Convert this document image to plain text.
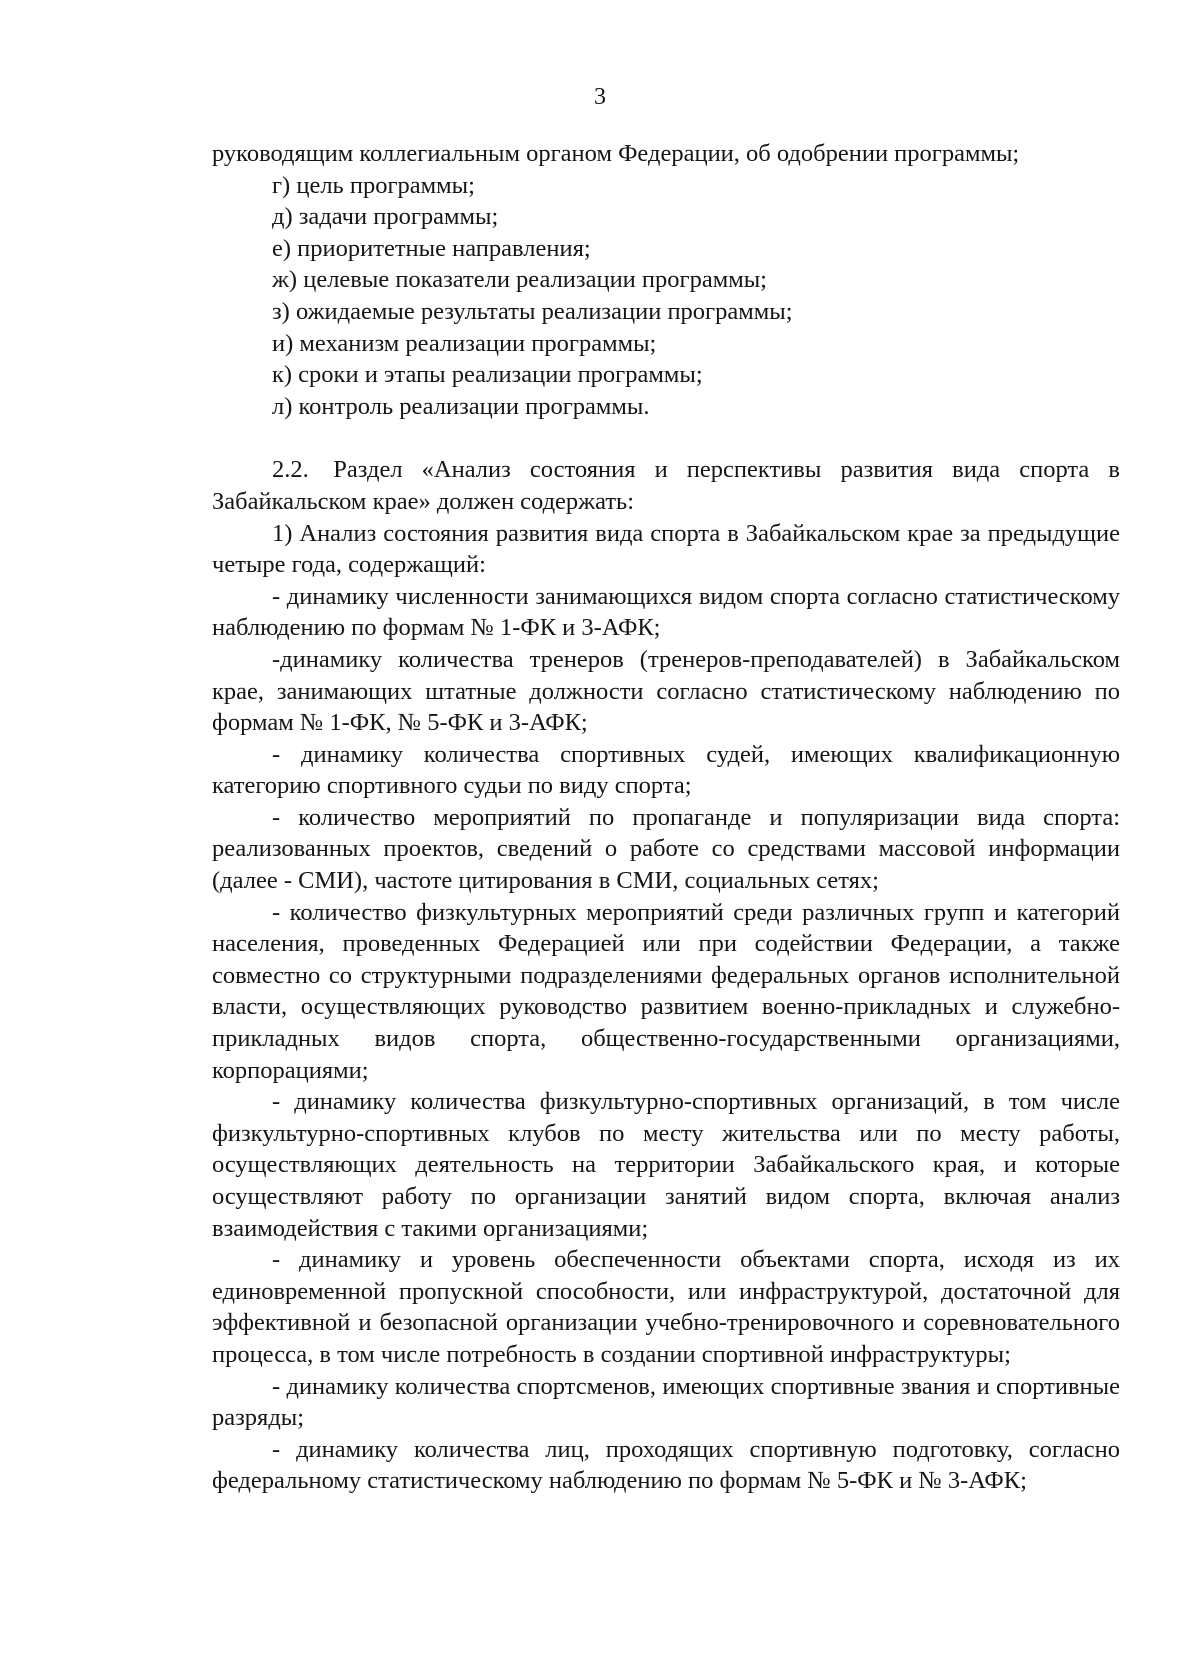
3

руководящим коллегиальным органом Федерации, об одобрении программы;

г) цель программы;

д) задачи программы;

е) приоритетные направления;

ж) целевые показатели реализации программы;

з) ожидаемые результаты реализации программы;

и) механизм реализации программы;

к) сроки и этапы реализации программы;

л) контроль реализации программы.

2.2. Раздел «Анализ состояния и перспективы развития вида спорта в Забайкальском крае» должен содержать:

1) Анализ состояния развития вида спорта в Забайкальском крае за предыдущие четыре года, содержащий:

- динамику численности занимающихся видом спорта согласно статистическому наблюдению по формам № 1-ФК и 3-АФК;

-динамику количества тренеров (тренеров-преподавателей) в Забайкальском крае, занимающих штатные должности согласно статистическому наблюдению по формам № 1-ФК, № 5-ФК и 3-АФК;

- динамику количества спортивных судей, имеющих квалификационную категорию спортивного судьи по виду спорта;

- количество мероприятий по пропаганде и популяризации вида спорта: реализованных проектов, сведений о работе со средствами массовой информации (далее - СМИ), частоте цитирования в СМИ, социальных сетях;

- количество физкультурных мероприятий среди различных групп и категорий населения, проведенных Федерацией или при содействии Федерации, а также совместно со структурными подразделениями федеральных органов исполнительной власти, осуществляющих руководство развитием военно-прикладных и служебно-прикладных видов спорта, общественно-государственными организациями, корпорациями;

- динамику количества физкультурно-спортивных организаций, в том числе физкультурно-спортивных клубов по месту жительства или по месту работы, осуществляющих деятельность на территории Забайкальского края, и которые осуществляют работу по организации занятий видом спорта, включая анализ взаимодействия с такими организациями;

- динамику и уровень обеспеченности объектами спорта, исходя из их единовременной пропускной способности, или инфраструктурой, достаточной для эффективной и безопасной организации учебно-тренировочного и соревновательного процесса, в том числе потребность в создании спортивной инфраструктуры;

- динамику количества спортсменов, имеющих спортивные звания и спортивные разряды;

- динамику количества лиц, проходящих спортивную подготовку, согласно федеральному статистическому наблюдению по формам № 5-ФК и № 3-АФК;
